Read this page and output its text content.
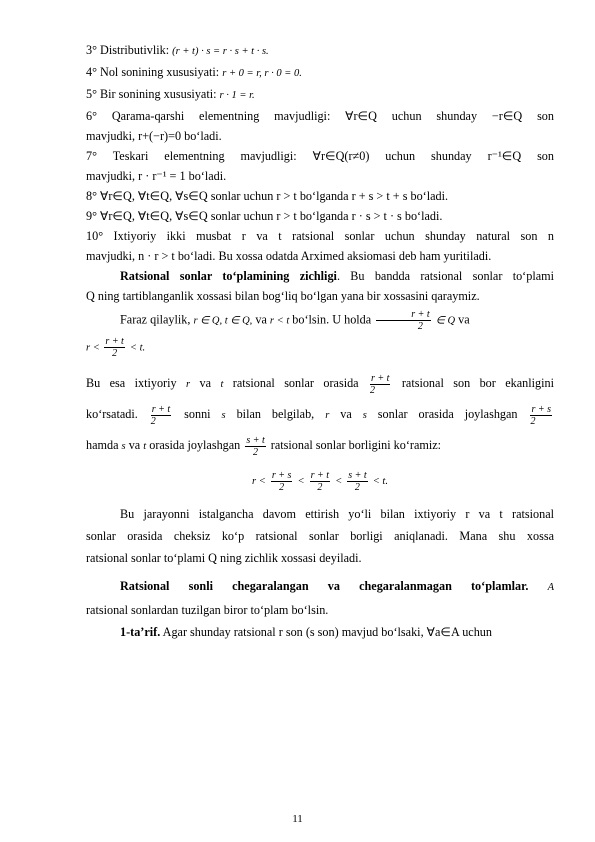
3° Distributivlik: (r + t) · s = r · s + t · s.

4° Nol sonining xususiyati: r + 0 = r, r · 0 = 0.

5° Bir sonining xususiyati: r · 1 = r.

6° Qarama-qarshi elementning mavjudligi: ∀r∈Q uchun shunday −r∈Q son

mavjudki, r+(−r)=0 bo‘ladi.

7° Teskari elementning mavjudligi: ∀r∈Q(r≠0) uchun shunday r⁻¹∈Q son

mavjudki, r · r⁻¹ = 1 bo‘ladi.

8° ∀r∈Q, ∀t∈Q, ∀s∈Q sonlar uchun r > t bo‘lganda r + s > t + s bo‘ladi.

9° ∀r∈Q, ∀t∈Q, ∀s∈Q sonlar uchun r > t bo‘lganda r · s > t · s bo‘ladi.

10° Ixtiyoriy ikki musbat r va t ratsional sonlar uchun shunday natural son n

mavjudki, n · r > t bo‘ladi. Bu xossa odatda Arximed aksiomasi deb ham yuritiladi.

Ratsional sonlar to‘plamining zichligi. Bu bandda ratsional sonlar to‘plami

Q ning tartiblanganlik xossasi bilan bog‘liq bo‘lgan yana bir xossasini qaraymiz.

Faraz qilaylik, r ∈ Q, t ∈ Q, va r < t bo‘lsin. U holda $\frac{r + t}{2}$ ∈ Q va

$r < \frac{r + t}{2} < t$.

Bu esa ixtiyoriy r va t ratsional sonlar orasida $\frac{r + t}{2}$ ratsional son bor ekanligini

ko‘rsatadi. $\frac{r + t}{2}$ sonni s bilan belgilab, r va s sonlar orasida joylashgan $\frac{r + s}{2}$

hamda s va t orasida joylashgan $\frac{s + t}{2}$ ratsional sonlar borligini ko‘ramiz:

$r < \frac{r + s}{2} < \frac{r + t}{2} < \frac{s + t}{2} < t$.

Bu jarayonni istalgancha davom ettirish yo‘li bilan ixtiyoriy r va t ratsional

sonlar orasida cheksiz ko‘p ratsional sonlar borligi aniqlanadi. Mana shu xossa

ratsional sonlar to‘plami Q ning zichlik xossasi deyiladi.

Ratsional sonli chegaralangan va chegaralanmagan to‘plamlar. A

ratsional sonlardan tuzilgan biror to‘plam bo‘lsin.

1-ta’rif. Agar shunday ratsional r son (s son) mavjud bo‘lsaki, ∀a∈A uchun

11
